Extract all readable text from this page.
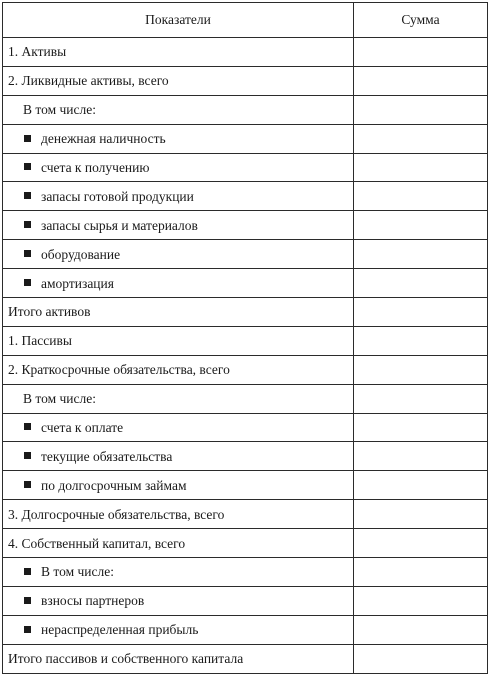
Показатели	Сумма
1. Активы	
2. Ликвидные активы, всего	
В том числе:	
денежная наличность	
счета к получению	
запасы готовой продукции	
запасы сырья и материалов	
оборудование	
амортизация	
Итого активов	
1. Пассивы	
2. Краткосрочные обязательства, всего	
В том числе:	
счета к оплате	
текущие обязательства	
по долгосрочным займам	
3. Долгосрочные обязательства, всего	
4. Собственный капитал, всего	
В том числе:	
взносы партнеров	
нераспределенная прибыль	
Итого пассивов и собственного капитала	
